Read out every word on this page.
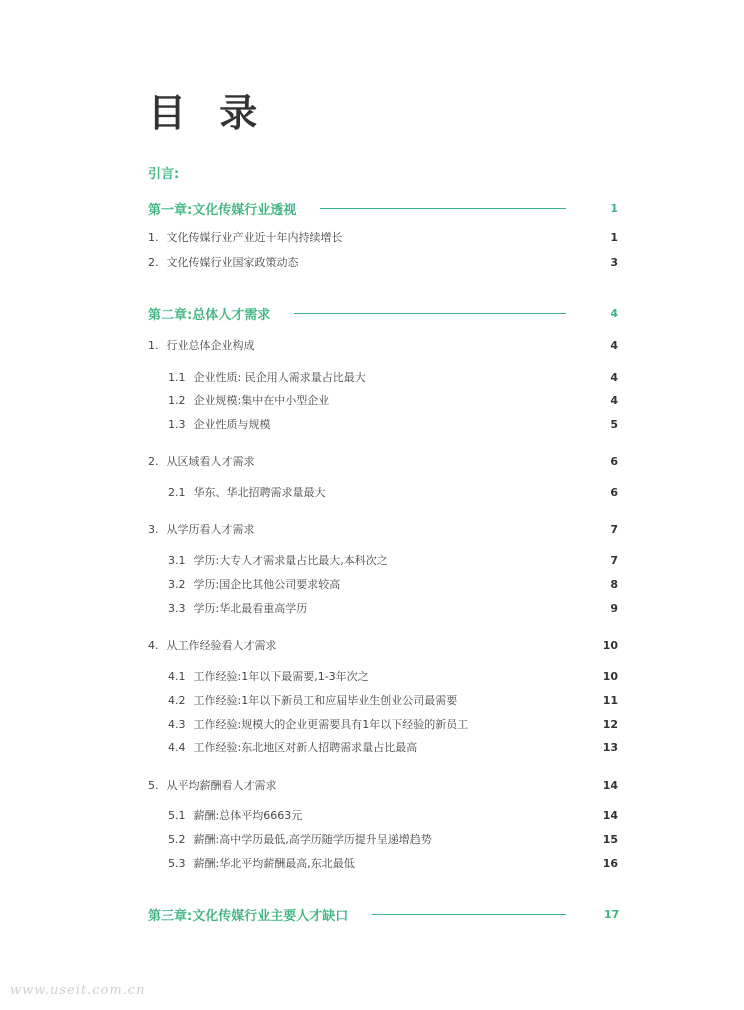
目 录
引言:
第一章:文化传媒行业透视	1
1. 文化传媒行业产业近十年内持续增长	1
2. 文化传媒行业国家政策动态	3
第二章:总体人才需求	4
1. 行业总体企业构成	4
1.1 企业性质: 民企用人需求量占比最大	4
1.2 企业规模:集中在中小型企业	4
1.3 企业性质与规模	5
2. 从区域看人才需求	6
2.1 华东、华北招聘需求量最大	6
3. 从学历看人才需求	7
3.1 学历:大专人才需求量占比最大,本科次之	7
3.2 学历:国企比其他公司要求较高	8
3.3 学历:华北最看重高学历	9
4. 从工作经验看人才需求	10
4.1 工作经验:1年以下最需要,1-3年次之	10
4.2 工作经验:1年以下新员工和应届毕业生创业公司最需要	11
4.3 工作经验:规模大的企业更需要具有1年以下经验的新员工	12
4.4 工作经验:东北地区对新人招聘需求量占比最高	13
5. 从平均薪酬看人才需求	14
5.1 薪酬:总体平均6663元	14
5.2 薪酬:高中学历最低,高学历随学历提升呈递增趋势	15
5.3 薪酬:华北平均薪酬最高,东北最低	16
第三章:文化传媒行业主要人才缺口	17
www.useit.com.cn
